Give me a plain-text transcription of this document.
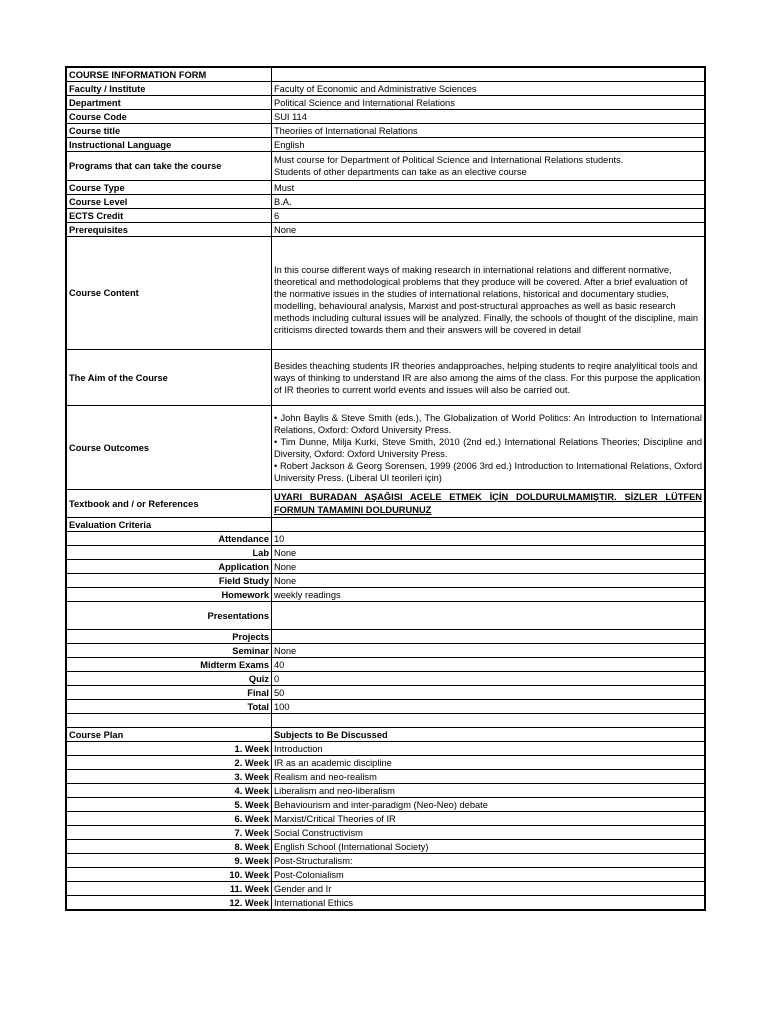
COURSE INFORMATION FORM	
Faculty / Institute	Faculty of Economic and Administrative Sciences
Department	Political Science and International Relations
Course Code	SUI 114
Course title	Theoriies of International Relations
Instructional Language	English
Programs that can take the course	Must course for Department of Political Science and International Relations students.
Students of other departments can take as an elective course

Course Type	Must
Course Level	B.A.
ECTS Credit	6
Prerequisites	None
Course Content	In this course different ways of making research in international relations and different normative, theoretical and methodological problems that they produce will be covered. After a brief evaluation of the normative issues in the studies of international relations, historical and documentary studies, modelling, behavioural analysis, Marxist and post-structural approaches as well as basic research methods including cultural issues will be analyzed. Finally, the schools of thought of the discipline, main criticisms directed towards them and their answers will be covered in detail
The Aim of the Course	Besides theaching students IR theories andapproaches, helping students to reqire analylitical tools and ways of thinking to understand IR are also among the aims of the class. For this purpose the application of IR theories to current world events and issues will also be carried out.
Course Outcomes	• John Baylis & Steve Smith (eds.), The Globalization of World Politics: An Introduction to International Relations, Oxford: Oxford University Press.
• Tim Dunne, Milja Kurki, Steve Smith, 2010 (2nd ed.) International Relations Theories; Discipline and Diversity, Oxford: Oxford University Press.
• Robert Jackson & Georg Sorensen, 1999 (2006 3rd ed.) Introduction to International Relations, Oxford University Press. (Liberal UI teorileri için)

Textbook and / or References	UYARI BURADAN AŞAĞISI ACELE ETMEK İÇİN DOLDURULMAMIŞTIR. SİZLER LÜTFEN
FORMUN TAMAMINI DOLDURUNUZ

Evaluation Criteria	
Attendance	10
Lab	None
Application	None
Field Study	None
Homework	weekly readings
Presentations	
Projects	
Seminar	None
Midterm Exams	40
Quiz	0
Final	50
Total	100

Course Plan	Subjects to Be Discussed
1. Week	Introduction
2. Week	IR as an academic discipline
3. Week	Realism and neo-realism
4. Week	Liberalism and neo-liberalism
5. Week	Behaviourism and inter-paradigm (Neo-Neo) debate
6. Week	Marxist/Critical Theories of IR
7. Week	Social Constructivism
8. Week	English School (International Society)
9. Week	Post-Structuralism:
10. Week	Post-Colonialism
11. Week	Gender and Ir
12. Week	International Ethics
